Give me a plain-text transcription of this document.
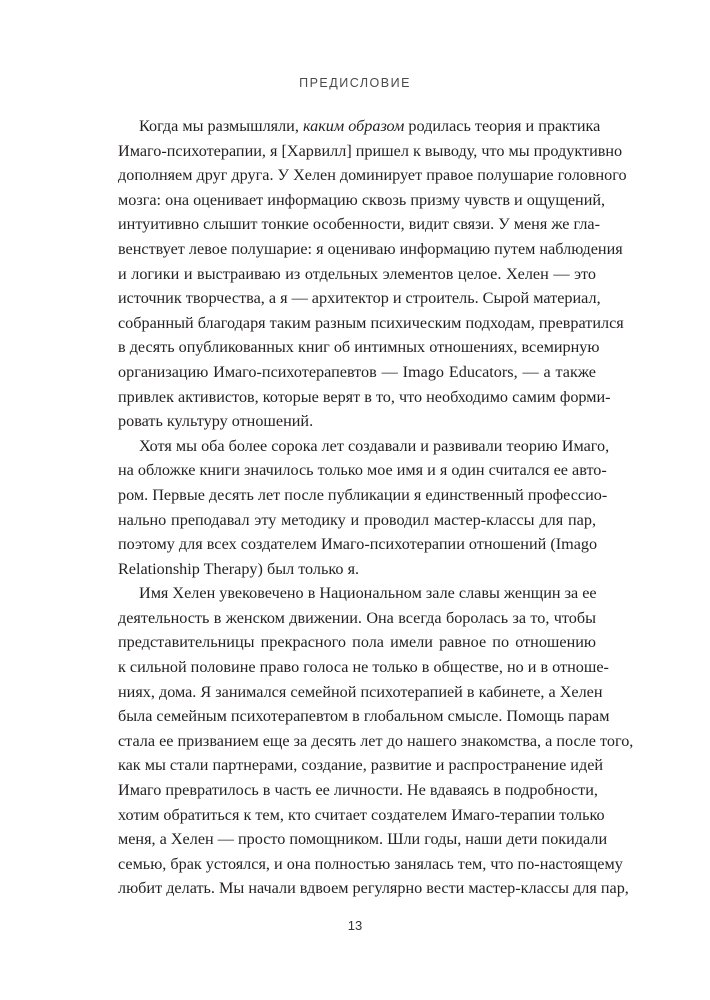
ПРЕДИСЛОВИЕ
Когда мы размышляли, каким образом родилась теория и практика
Имаго-психотерапии, я [Харвилл] пришел к выводу, что мы продуктивно
дополняем друг друга. У Хелен доминирует правое полушарие головного
мозга: она оценивает информацию сквозь призму чувств и ощущений,
интуитивно слышит тонкие особенности, видит связи. У меня же гла-
венствует левое полушарие: я оцениваю информацию путем наблюдения
и логики и выстраиваю из отдельных элементов целое. Хелен — это
источник творчества, а я — архитектор и строитель. Сырой материал,
собранный благодаря таким разным психическим подходам, превратился
в десять опубликованных книг об интимных отношениях, всемирную
организацию Имаго-психотерапевтов — Imago Educators, — а также
привлек активистов, которые верят в то, что необходимо самим форми-
ровать культуру отношений.
Хотя мы оба более сорока лет создавали и развивали теорию Имаго,
на обложке книги значилось только мое имя и я один считался ее авто-
ром. Первые десять лет после публикации я единственный профессио-
нально преподавал эту методику и проводил мастер-классы для пар,
поэтому для всех создателем Имаго-психотерапии отношений (Imago
Relationship Therapy) был только я.
Имя Хелен увековечено в Национальном зале славы женщин за ее
деятельность в женском движении. Она всегда боролась за то, чтобы
представительницы прекрасного пола имели равное по отношению
к сильной половине право голоса не только в обществе, но и в отноше-
ниях, дома. Я занимался семейной психотерапией в кабинете, а Хелен
была семейным психотерапевтом в глобальном смысле. Помощь парам
стала ее призванием еще за десять лет до нашего знакомства, а после того,
как мы стали партнерами, создание, развитие и распространение идей
Имаго превратилось в часть ее личности. Не вдаваясь в подробности,
хотим обратиться к тем, кто считает создателем Имаго-терапии только
меня, а Хелен — просто помощником. Шли годы, наши дети покидали
семью, брак устоялся, и она полностью занялась тем, что по-настоящему
любит делать. Мы начали вдвоем регулярно вести мастер-классы для пар,
13
